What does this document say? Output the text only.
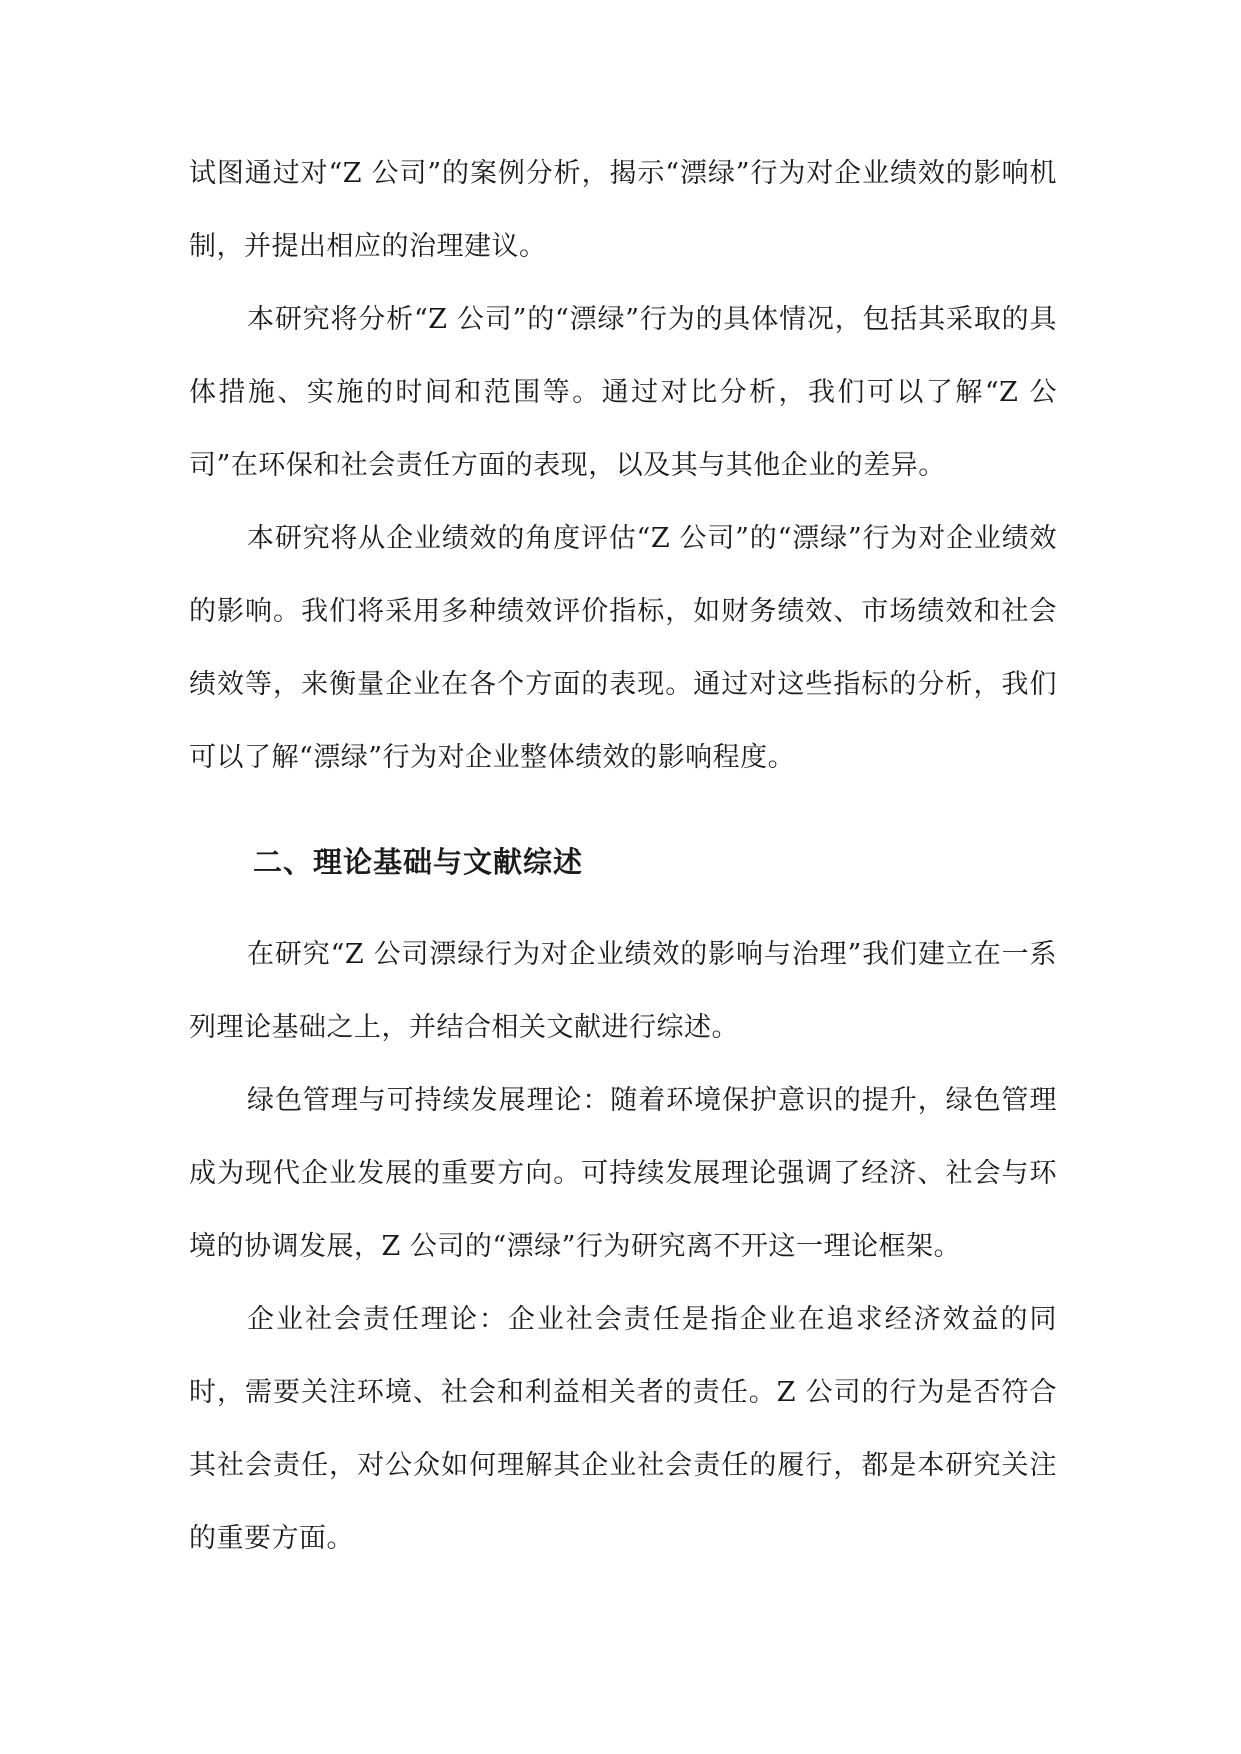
试图通过对“Z 公司”的案例分析，揭示“漂绿”行为对企业绩效的影响机制，并提出相应的治理建议。

本研究将分析“Z 公司”的“漂绿”行为的具体情况，包括其采取的具体措施、实施的时间和范围等。通过对比分析，我们可以了解“Z 公司”在环保和社会责任方面的表现，以及其与其他企业的差异。

本研究将从企业绩效的角度评估“Z 公司”的“漂绿”行为对企业绩效的影响。我们将采用多种绩效评价指标，如财务绩效、市场绩效和社会绩效等，来衡量企业在各个方面的表现。通过对这些指标的分析，我们可以了解“漂绿”行为对企业整体绩效的影响程度。

二、理论基础与文献综述

在研究“Z 公司漂绿行为对企业绩效的影响与治理”我们建立在一系列理论基础之上，并结合相关文献进行综述。

绿色管理与可持续发展理论：随着环境保护意识的提升，绿色管理成为现代企业发展的重要方向。可持续发展理论强调了经济、社会与环境的协调发展，Z 公司的“漂绿”行为研究离不开这一理论框架。

企业社会责任理论：企业社会责任是指企业在追求经济效益的同时，需要关注环境、社会和利益相关者的责任。Z 公司的行为是否符合其社会责任，对公众如何理解其企业社会责任的履行，都是本研究关注的重要方面。
